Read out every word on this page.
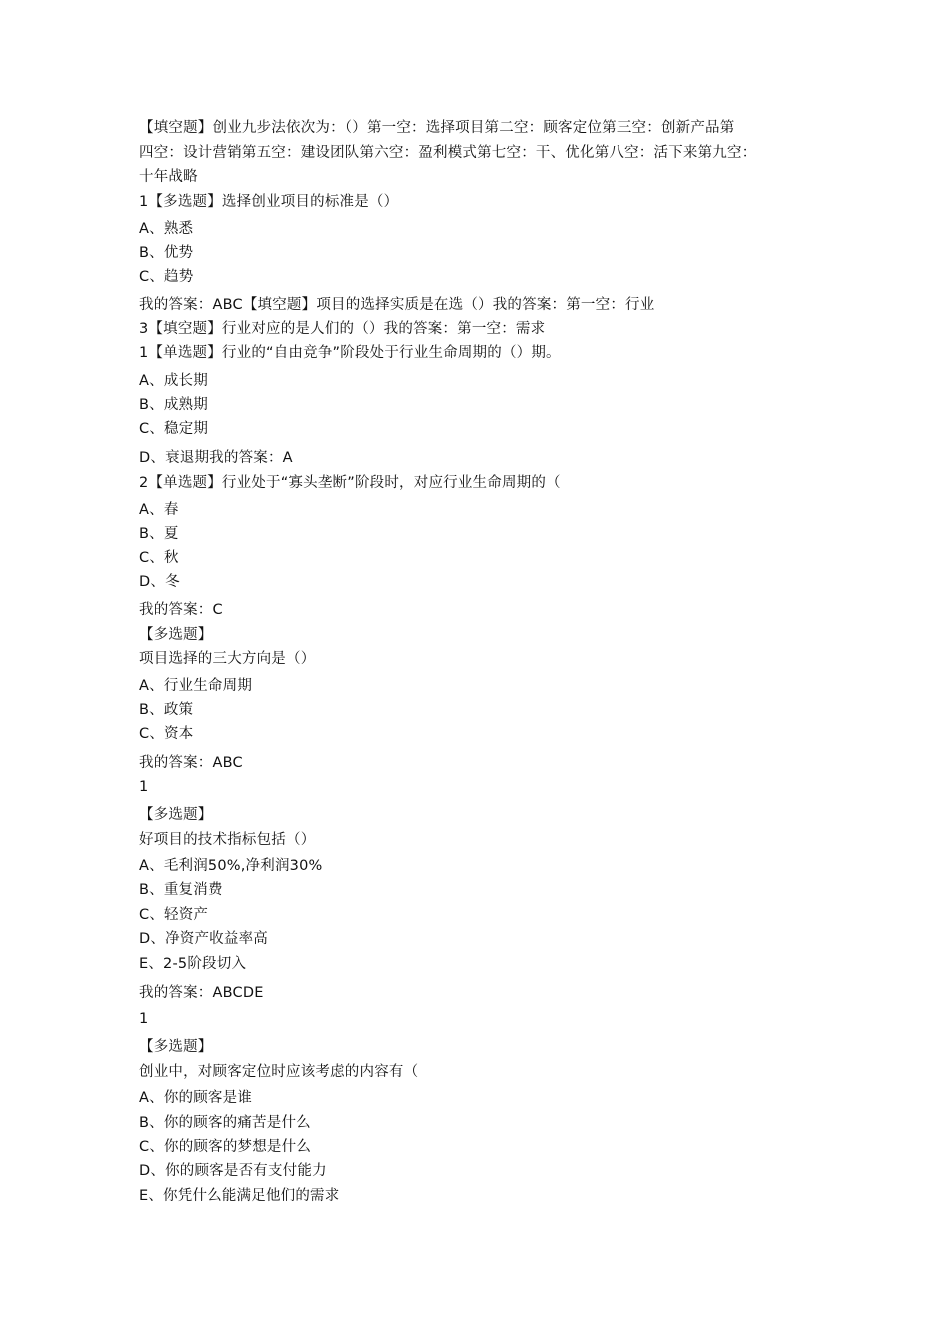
【填空题】创业九步法依次为：（）第一空：选择项目第二空：顾客定位第三空：创新产品第
四空：设计营销第五空：建设团队第六空：盈利模式第七空：干、优化第八空：活下来第九空：
十年战略
1【多选题】选择创业项目的标准是（）
A、熟悉
B、优势
C、趋势
我的答案：ABC【填空题】项目的选择实质是在选（）我的答案：第一空：行业
3【填空题】行业对应的是人们的（）我的答案：第一空：需求
1【单选题】行业的“自由竞争”阶段处于行业生命周期的（）期。
A、成长期
B、成熟期
C、稳定期
D、衰退期我的答案：A
2【单选题】行业处于“寡头垄断”阶段时，对应行业生命周期的（
A、春
B、夏
C、秋
D、冬
我的答案：C
【多选题】
项目选择的三大方向是（）
A、行业生命周期
B、政策
C、资本
我的答案：ABC
1
【多选题】
好项目的技术指标包括（）
A、毛利润50%,净利润30%
B、重复消费
C、轻资产
D、净资产收益率高
E、2-5阶段切入
我的答案：ABCDE
1
【多选题】
创业中，对顾客定位时应该考虑的内容有（
A、你的顾客是谁
B、你的顾客的痛苦是什么
C、你的顾客的梦想是什么
D、你的顾客是否有支付能力
E、你凭什么能满足他们的需求
